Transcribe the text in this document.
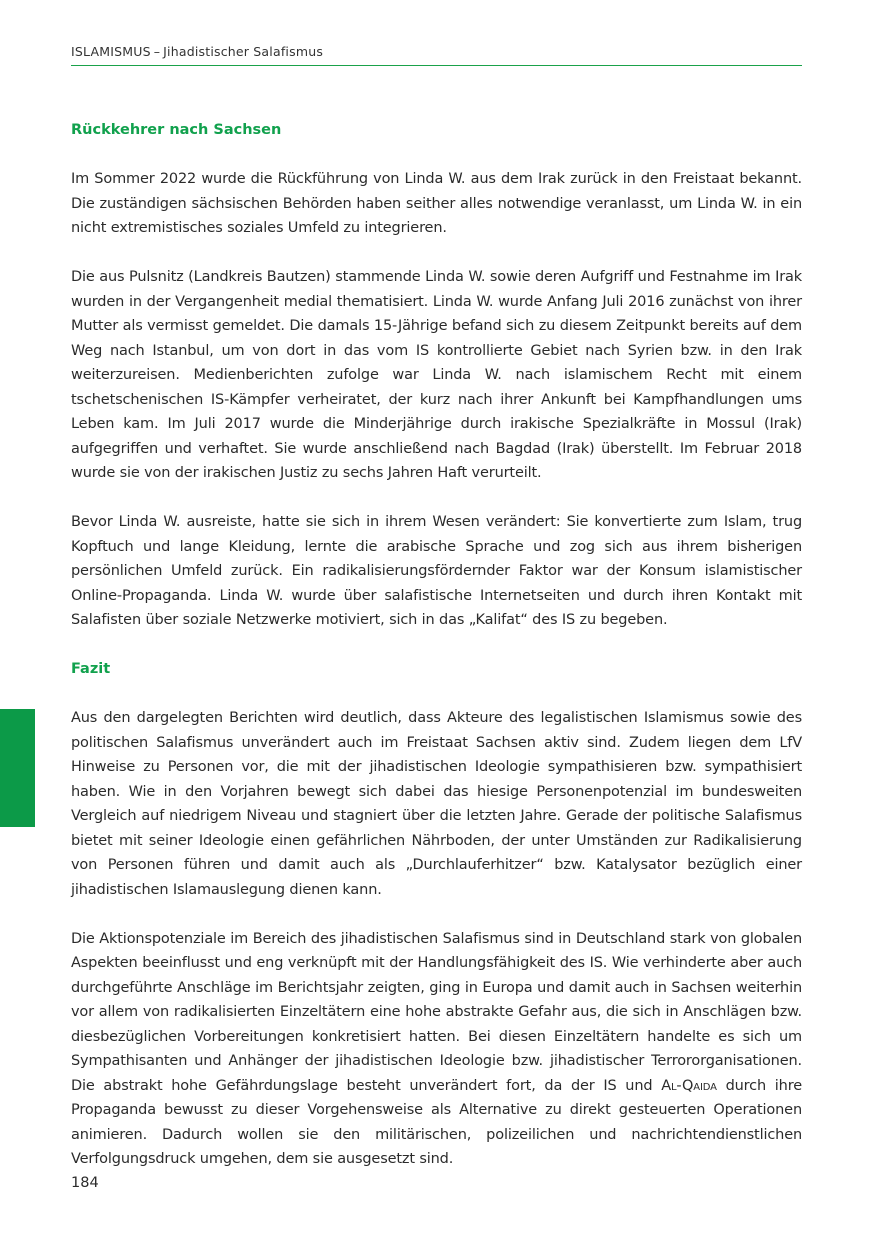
ISLAMISMUS – Jihadistischer Salafismus
Rückkehrer nach Sachsen

Im Sommer 2022 wurde die Rückführung von Linda W. aus dem Irak zurück in den Freistaat bekannt. Die zuständigen sächsischen Behörden haben seither alles notwendige veranlasst, um Linda W. in ein nicht extremistisches soziales Umfeld zu integrieren.

Die aus Pulsnitz (Landkreis Bautzen) stammende Linda W. sowie deren Aufgriff und Festnahme im Irak wurden in der Vergangenheit medial thematisiert. Linda W. wurde Anfang Juli 2016 zunächst von ihrer Mutter als vermisst gemeldet. Die damals 15-Jährige befand sich zu diesem Zeitpunkt bereits auf dem Weg nach Istanbul, um von dort in das vom IS kontrollierte Gebiet nach Syrien bzw. in den Irak weiterzureisen. Medienberichten zufolge war Linda W. nach islamischem Recht mit einem tschetschenischen IS-Kämpfer verheiratet, der kurz nach ihrer Ankunft bei Kampfhandlungen ums Leben kam. Im Juli 2017 wurde die Minderjährige durch irakische Spezialkräfte in Mossul (Irak) aufgegriffen und verhaftet. Sie wurde anschließend nach Bagdad (Irak) überstellt. Im Februar 2018 wurde sie von der irakischen Justiz zu sechs Jahren Haft verurteilt.

Bevor Linda W. ausreiste, hatte sie sich in ihrem Wesen verändert: Sie konvertierte zum Islam, trug Kopftuch und lange Kleidung, lernte die arabische Sprache und zog sich aus ihrem bisherigen persönlichen Umfeld zurück. Ein radikalisierungsfördernder Faktor war der Konsum islamistischer Online-Propaganda. Linda W. wurde über salafistische Internetseiten und durch ihren Kontakt mit Salafisten über soziale Netzwerke motiviert, sich in das „Kalifat“ des IS zu begeben.

Fazit

Aus den dargelegten Berichten wird deutlich, dass Akteure des legalistischen Islamismus sowie des politischen Salafismus unverändert auch im Freistaat Sachsen aktiv sind. Zudem liegen dem LfV Hinweise zu Personen vor, die mit der jihadistischen Ideologie sympathisieren bzw. sympathisiert haben. Wie in den Vorjahren bewegt sich dabei das hiesige Personenpotenzial im bundesweiten Vergleich auf niedrigem Niveau und stagniert über die letzten Jahre. Gerade der politische Salafismus bietet mit seiner Ideologie einen gefährlichen Nährboden, der unter Umständen zur Radikalisierung von Personen führen und damit auch als „Durchlauferhitzer“ bzw. Katalysator bezüglich einer jihadistischen Islamauslegung dienen kann.

Die Aktionspotenziale im Bereich des jihadistischen Salafismus sind in Deutschland stark von globalen Aspekten beeinflusst und eng verknüpft mit der Handlungsfähigkeit des IS. Wie verhinderte aber auch durchgeführte Anschläge im Berichtsjahr zeigten, ging in Europa und damit auch in Sachsen weiterhin vor allem von radikalisierten Einzeltätern eine hohe abstrakte Gefahr aus, die sich in Anschlägen bzw. diesbezüglichen Vorbereitungen konkretisiert hatten. Bei diesen Einzeltätern handelte es sich um Sympathisanten und Anhänger der jihadistischen Ideologie bzw. jihadistischer Terrororganisationen. Die abstrakt hohe Gefährdungslage besteht unverändert fort, da der IS und Al-Qaida durch ihre Propaganda bewusst zu dieser Vorgehensweise als Alternative zu direkt gesteuerten Operationen animieren. Dadurch wollen sie den militärischen, polizeilichen und nachrichtendienstlichen Verfolgungsdruck umgehen, dem sie ausgesetzt sind.

184
